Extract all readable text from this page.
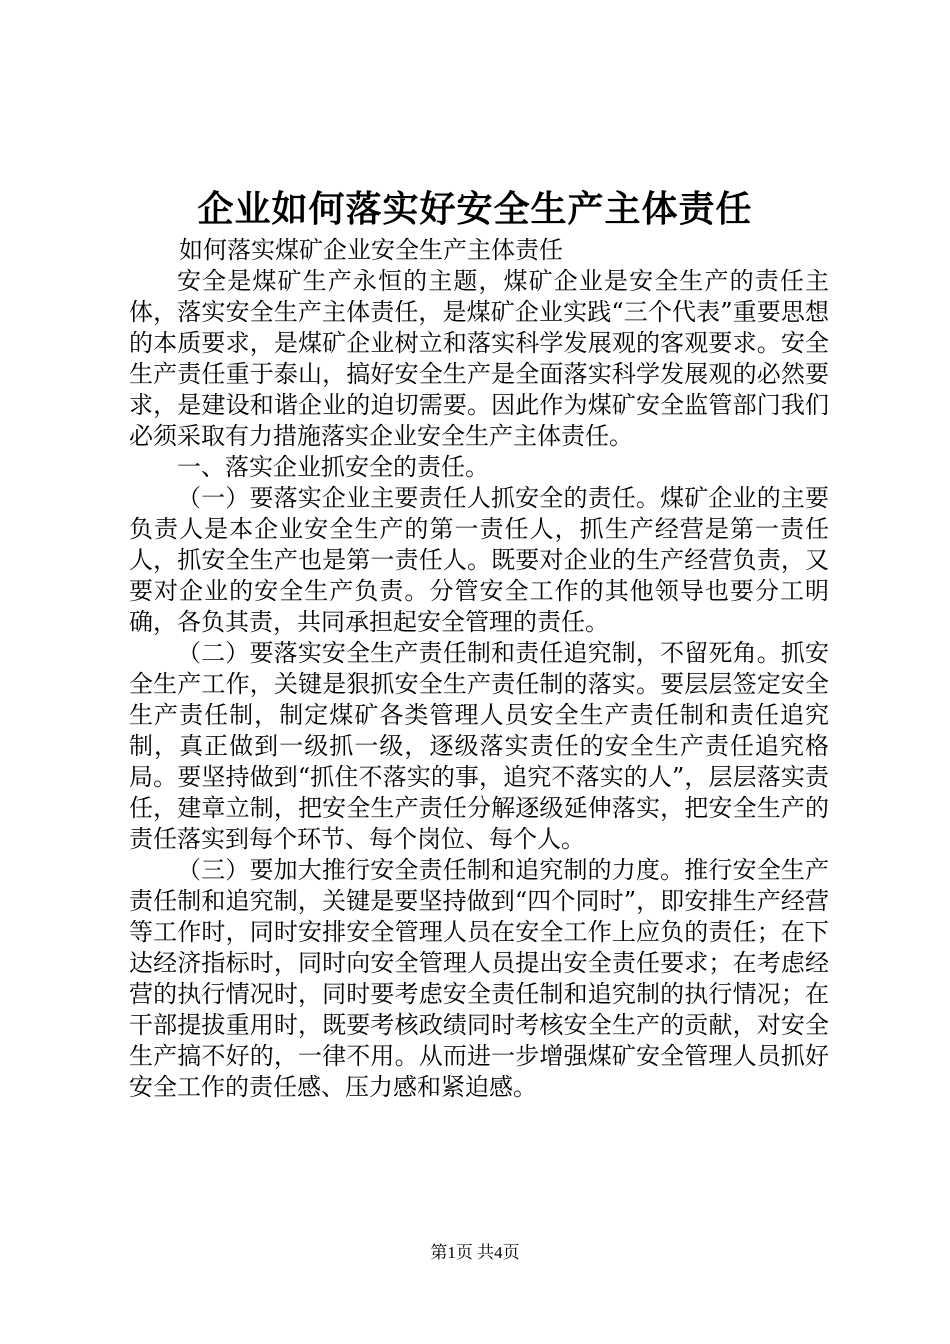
企业如何落实好安全生产主体责任

如何落实煤矿企业安全生产主体责任

安全是煤矿生产永恒的主题，煤矿企业是安全生产的责任主体，落实安全生产主体责任，是煤矿企业实践“三个代表”重要思想的本质要求，是煤矿企业树立和落实科学发展观的客观要求。安全生产责任重于泰山，搞好安全生产是全面落实科学发展观的必然要求，是建设和谐企业的迫切需要。因此作为煤矿安全监管部门我们必须采取有力措施落实企业安全生产主体责任。

一、落实企业抓安全的责任。

（一）要落实企业主要责任人抓安全的责任。煤矿企业的主要负责人是本企业安全生产的第一责任人，抓生产经营是第一责任人，抓安全生产也是第一责任人。既要对企业的生产经营负责，又要对企业的安全生产负责。分管安全工作的其他领导也要分工明确，各负其责，共同承担起安全管理的责任。

（二）要落实安全生产责任制和责任追究制，不留死角。抓安全生产工作，关键是狠抓安全生产责任制的落实。要层层签定安全生产责任制，制定煤矿各类管理人员安全生产责任制和责任追究制，真正做到一级抓一级，逐级落实责任的安全生产责任追究格局。要坚持做到“抓住不落实的事，追究不落实的人”，层层落实责任，建章立制，把安全生产责任分解逐级延伸落实，把安全生产的责任落实到每个环节、每个岗位、每个人。

（三）要加大推行安全责任制和追究制的力度。推行安全生产责任制和追究制，关键是要坚持做到“四个同时”，即安排生产经营等工作时，同时安排安全管理人员在安全工作上应负的责任；在下达经济指标时，同时向安全管理人员提出安全责任要求；在考虑经营的执行情况时，同时要考虑安全责任制和追究制的执行情况；在干部提拔重用时，既要考核政绩同时考核安全生产的贡献，对安全生产搞不好的，一律不用。从而进一步增强煤矿安全管理人员抓好安全工作的责任感、压力感和紧迫感。

第1页 共4页
